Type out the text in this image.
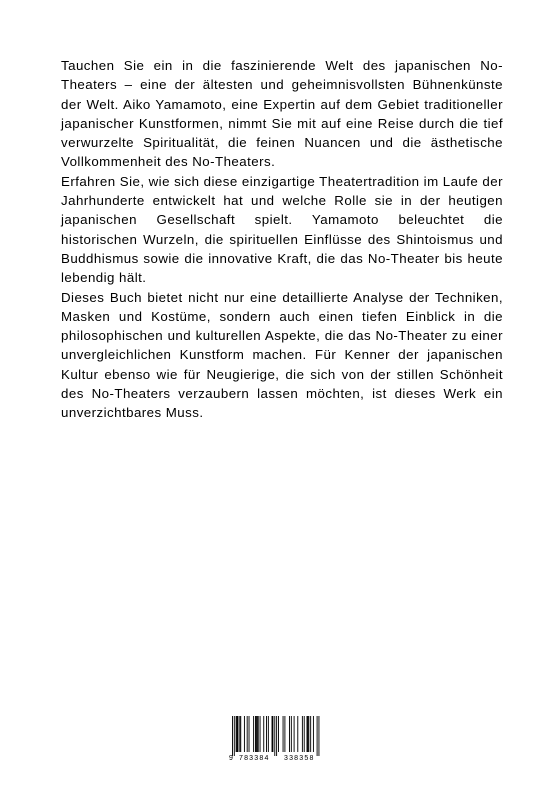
Tauchen Sie ein in die faszinierende Welt des japanischen No-Theaters – eine der ältesten und geheimnisvollsten Bühnenkünste der Welt. Aiko Yamamoto, eine Expertin auf dem Gebiet traditioneller japanischer Kunstformen, nimmt Sie mit auf eine Reise durch die tief verwurzelte Spiritualität, die feinen Nuancen und die ästhetische Vollkommenheit des No-Theaters.

Erfahren Sie, wie sich diese einzigartige Theatertradition im Laufe der Jahrhunderte entwickelt hat und welche Rolle sie in der heutigen japanischen Gesellschaft spielt. Yamamoto beleuchtet die historischen Wurzeln, die spirituellen Einflüsse des Shintoismus und Buddhismus sowie die innovative Kraft, die das No-Theater bis heute lebendig hält.

Dieses Buch bietet nicht nur eine detaillierte Analyse der Techniken, Masken und Kostüme, sondern auch einen tiefen Einblick in die philosophischen und kulturellen Aspekte, die das No-Theater zu einer unvergleichlichen Kunstform machen. Für Kenner der japanischen Kultur ebenso wie für Neugierige, die sich von der stillen Schönheit des No-Theaters verzaubern lassen möchten, ist dieses Werk ein unverzichtbares Muss.

9 783384 338358
